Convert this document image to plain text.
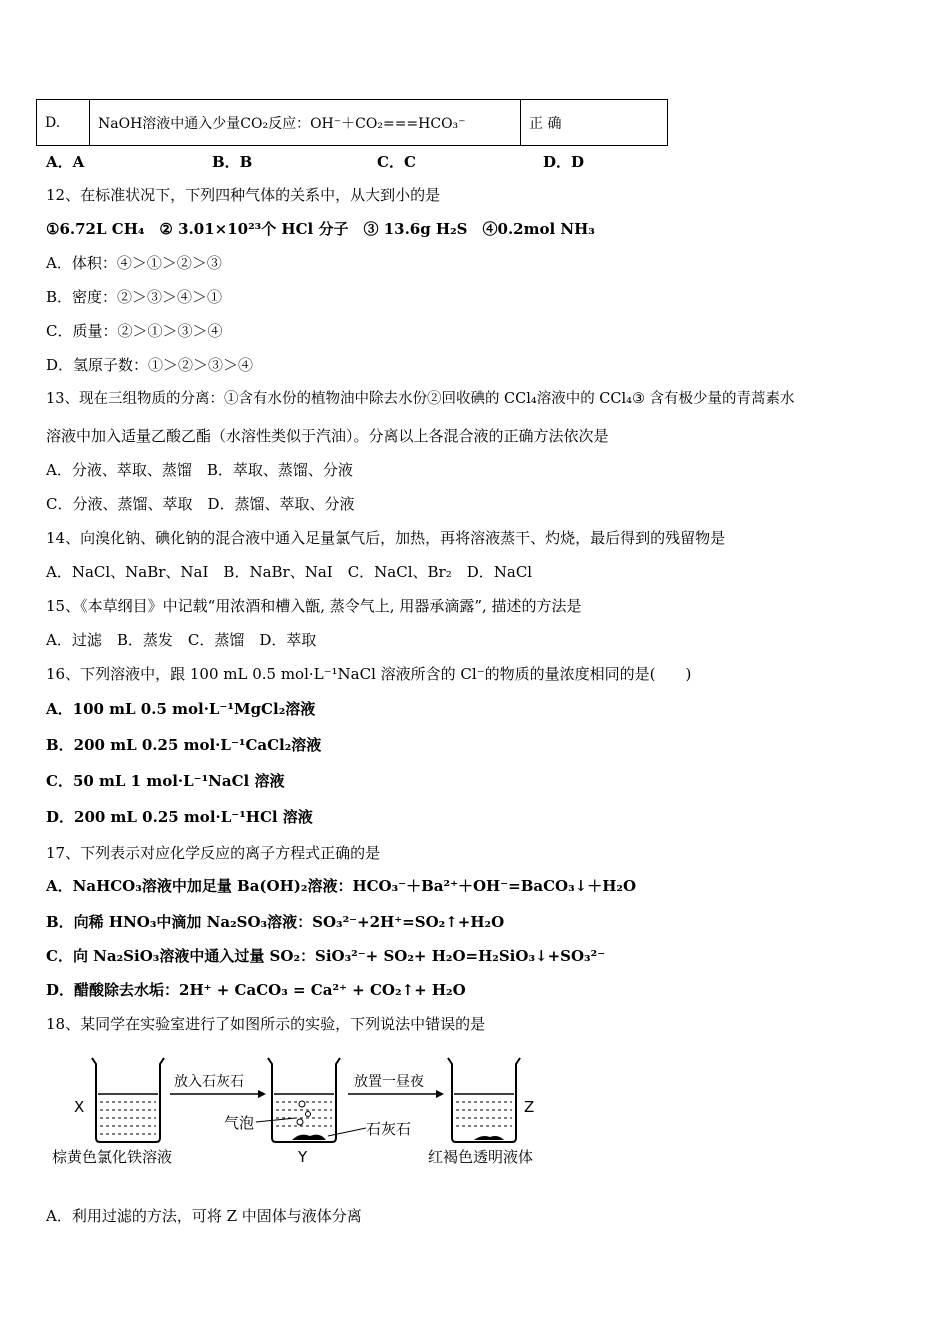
D.	NaOH溶液中通入少量CO₂反应：OH⁻＋CO₂===HCO₃⁻	正 确
A．A	B．B	C．C	D．D
12、在标准状况下，下列四种气体的关系中，从大到小的是
①6.72L CH₄　② 3.01×10²³个 HCl 分子　③ 13.6g H₂S　④0.2mol NH₃
A．体积：④＞①＞②＞③
B．密度：②＞③＞④＞①
C．质量：②＞①＞③＞④
D．氢原子数：①＞②＞③＞④
13、现在三组物质的分离：①含有水份的植物油中除去水份②回收碘的 CCl₄溶液中的 CCl₄③ 含有极少量的青蒿素水
溶液中加入适量乙酸乙酯（水溶性类似于汽油）。分离以上各混合液的正确方法依次是
A．分液、萃取、蒸馏　B．萃取、蒸馏、分液
C．分液、蒸馏、萃取　D．蒸馏、萃取、分液
14、向溴化钠、碘化钠的混合液中通入足量氯气后，加热，再将溶液蒸干、灼烧，最后得到的残留物是
A．NaCl、NaBr、NaI　B．NaBr、NaI　C．NaCl、Br₂　D．NaCl
15、《本草纲目》中记载“用浓酒和槽入甑, 蒸令气上, 用器承滴露”, 描述的方法是
A．过滤　B．蒸发　C．蒸馏　D．萃取
16、下列溶液中，跟 100 mL 0.5 mol·L⁻¹NaCl 溶液所含的 Cl⁻的物质的量浓度相同的是(　　)
A．100 mL 0.5 mol·L⁻¹MgCl₂溶液
B．200 mL 0.25 mol·L⁻¹CaCl₂溶液
C．50 mL 1 mol·L⁻¹NaCl 溶液
D．200 mL 0.25 mol·L⁻¹HCl 溶液
17、下列表示对应化学反应的离子方程式正确的是
A．NaHCO₃溶液中加足量 Ba(OH)₂溶液：HCO₃⁻＋Ba²⁺＋OH⁻=BaCO₃↓＋H₂O
B．向稀 HNO₃中滴加 Na₂SO₃溶液：SO₃²⁻+2H⁺=SO₂↑+H₂O
C．向 Na₂SiO₃溶液中通入过量 SO₂：SiO₃²⁻+ SO₂+ H₂O=H₂SiO₃↓+SO₃²⁻
D．醋酸除去水垢：2H⁺ + CaCO₃ = Ca²⁺ + CO₂↑+ H₂O
18、某同学在实验室进行了如图所示的实验，下列说法中错误的是
X
棕黄色氯化铁溶液
放入石灰石
气泡
Y
石灰石
放置一昼夜
Z
红褐色透明液体
A．利用过滤的方法，可将 Z 中固体与液体分离
